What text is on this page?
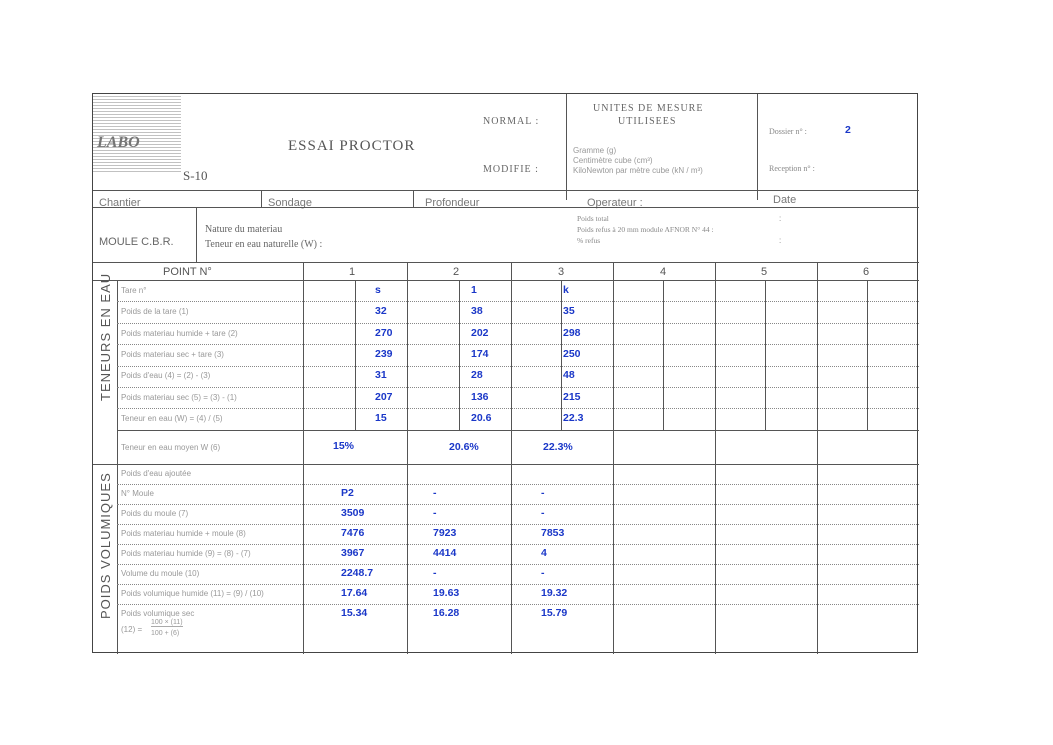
LABO
S-10
ESSAI PROCTOR
NORMAL :
MODIFIE :
UNITES DE MESURE
UTILISEES
Gramme (g)
Centimètre cube (cm³)
KiloNewton par mètre cube (kN / m³)
Dossier n° :	2
Reception n° :
Chantier	Sondage	Profondeur	Operateur :	Date
MOULE C.B.R.
Nature du materiau
Teneur en eau naturelle (W) :
Poids total
Poids refus à 20 mm module AFNOR N° 44 :
% refus
:
:
POINT N°	1	2	3	4	5	6
TENEURS EN EAU Tare n°	s	1	k
Poids de la tare (1)	32	38	35
Poids materiau humide + tare (2)	270	202	298
Poids materiau sec + tare (3)	239	174	250
Poids d'eau (4) = (2) - (3)	31	28	48
Poids materiau sec (5) = (3) - (1)	207	136	215
Teneur en eau (W) = (4) / (5)	15	20.6	22.3
Teneur en eau moyen W (6)	15%	20.6%	22.3%
POIDS VOLUMIQUES Poids d'eau ajoutée
N° Moule	P2	-	-
Poids du moule (7)	3509	-	-
Poids materiau humide + moule (8)	7476	7923	7853
Poids materiau humide (9) = (8) - (7)	3967	4414	4
Volume du moule (10)	2248.7	-	-
Poids volumique humide (11) = (9) / (10)	17.64	19.63	19.32
Poids volumique sec	15.34	16.28	15.79
(12) =
100 × (11)
100 + (6)
